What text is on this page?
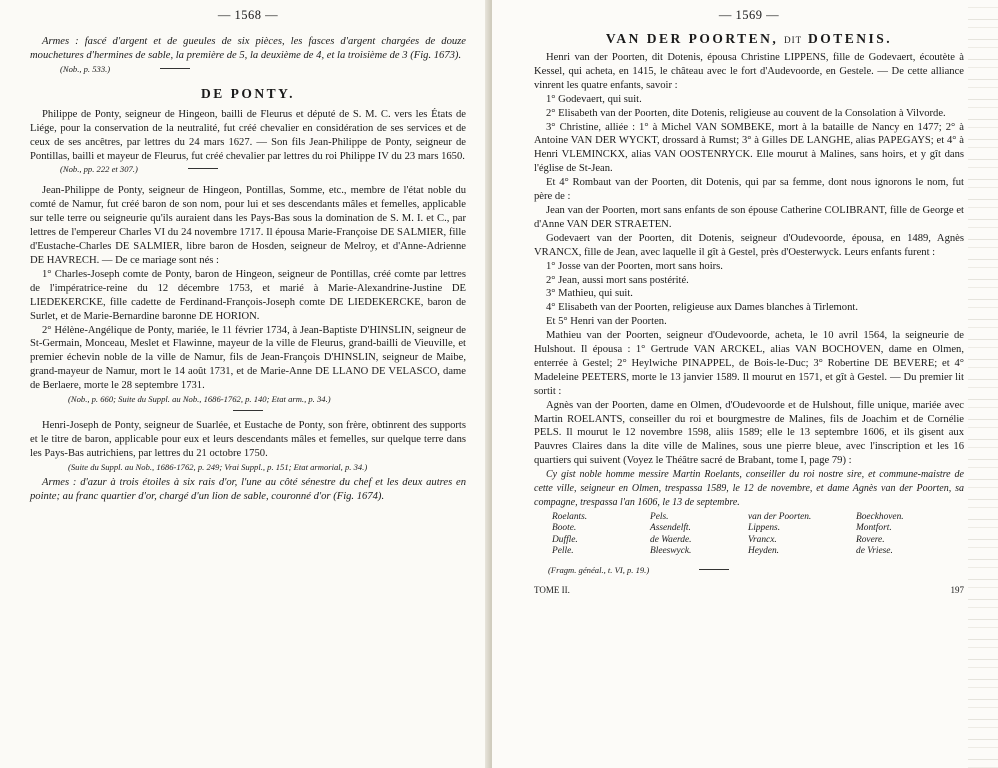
— 1568 —

Armes : fascé d'argent et de gueules de six pièces, les fasces d'argent chargées de douze mouchetures d'hermines de sable, la première de 5, la deuxième de 4, et la troisième de 3 (Fig. 1673).

(Nob., p. 533.)
DE PONTY.

Philippe de Ponty, seigneur de Hingeon, bailli de Fleurus et député de S. M. C. vers les États de Liége, pour la conservation de la neutralité, fut créé chevalier en considération de ses services et de ceux de ses ancêtres, par lettres du 24 mars 1627. — Son fils Jean-Philippe de Ponty, seigneur de Pontillas, bailli et mayeur de Fleurus, fut créé chevalier par lettres du roi Philippe IV du 23 mars 1650.

(Nob., pp. 222 et 307.)

Jean-Philippe de Ponty, seigneur de Hingeon, Pontillas, Somme, etc., membre de l'état noble du comté de Namur, fut créé baron de son nom, pour lui et ses descendants mâles et femelles, applicable sur telle terre ou seigneurie qu'ils auraient dans les Pays-Bas sous la domination de S. M. I. et C., par lettres de l'empereur Charles VI du 24 novembre 1717. Il épousa Marie-Françoise DE SALMIER, fille d'Eustache-Charles DE SALMIER, libre baron de Hosden, seigneur de Melroy, et d'Anne-Adrienne DE HAVRECH. — De ce mariage sont nés :

1° Charles-Joseph comte de Ponty, baron de Hingeon, seigneur de Pontillas, créé comte par lettres de l'impératrice-reine du 12 décembre 1753, et marié à Marie-Alexandrine-Justine DE LIEDEKERCKE, fille cadette de Ferdinand-François-Joseph comte DE LIEDEKERCKE, baron de Surlet, et de Marie-Bernardine baronne DE HORION.

2° Hélène-Angélique de Ponty, mariée, le 11 février 1734, à Jean-Baptiste D'HINSLIN, seigneur de St-Germain, Monceau, Meslet et Flawinne, mayeur de la ville de Fleurus, grand-bailli de Vieuville, et premier échevin noble de la ville de Namur, fils de Jean-François D'HINSLIN, seigneur de Maibe, grand-mayeur de Namur, mort le 14 août 1731, et de Marie-Anne DE LLANO DE VELASCO, dame de Berlaere, morte le 28 septembre 1731.

(Nob., p. 660; Suite du Suppl. au Nob., 1686-1762, p. 140; Etat arm., p. 34.)

Henri-Joseph de Ponty, seigneur de Suarlée, et Eustache de Ponty, son frère, obtinrent des supports et le titre de baron, applicable pour eux et leurs descendants mâles et femelles, sur quelque terre dans les Pays-Bas autrichiens, par lettres du 21 octobre 1750.

(Suite du Suppl. au Nob., 1686-1762, p. 249; Vrai Suppl., p. 151; Etat armorial, p. 34.)

Armes : d'azur à trois étoiles à six rais d'or, l'une au côté sénestre du chef et les deux autres en pointe; au franc quartier d'or, chargé d'un lion de sable, couronné d'or (Fig. 1674).

— 1569 —
VAN DER POORTEN, DIT DOTENIS.

Henri van der Poorten, dit Dotenis, épousa Christine LIPPENS, fille de Godevaert, écoutète à Kessel, qui acheta, en 1415, le château avec le fort d'Audevoorde, en Gestele. — De cette alliance vinrent les quatre enfants, savoir :

1° Godevaert, qui suit.

2° Elisabeth van der Poorten, dite Dotenis, religieuse au couvent de la Consolation à Vilvorde.

3° Christine, alliée : 1° à Michel VAN SOMBEKE, mort à la bataille de Nancy en 1477; 2° à Antoine VAN DER WYCKT, drossard à Rumst; 3° à Gilles DE LANGHE, alias PAPEGAYS; et 4° à Henri VLEMINCKX, alias VAN OOSTENRYCK. Elle mourut à Malines, sans hoirs, et y gît dans l'église de St-Jean.

Et 4° Rombaut van der Poorten, dit Dotenis, qui par sa femme, dont nous ignorons le nom, fut père de :

Jean van der Poorten, mort sans enfants de son épouse Catherine COLIBRANT, fille de George et d'Anne VAN DER STRAETEN.

Godevaert van der Poorten, dit Dotenis, seigneur d'Oudevoorde, épousa, en 1489, Agnès VRANCX, fille de Jean, avec laquelle il gît à Gestel, près d'Oesterwyck. Leurs enfants furent :

1° Josse van der Poorten, mort sans hoirs.

2° Jean, aussi mort sans postérité.

3° Mathieu, qui suit.

4° Elisabeth van der Poorten, religieuse aux Dames blanches à Tirlemont.

Et 5° Henri van der Poorten.

Mathieu van der Poorten, seigneur d'Oudevoorde, acheta, le 10 avril 1564, la seigneurie de Hulshout. Il épousa : 1° Gertrude VAN ARCKEL, alias VAN BOCHOVEN, dame en Olmen, enterrée à Gestel; 2° Heylwiche PINAPPEL, de Bois-le-Duc; 3° Robertine DE BEVERE; et 4° Madeleine PEETERS, morte le 13 janvier 1589. Il mourut en 1571, et gît à Gestel. — Du premier lit sortit :

Agnès van der Poorten, dame en Olmen, d'Oudevoorde et de Hulshout, fille unique, mariée avec Martin ROELANTS, conseiller du roi et bourgmestre de Malines, fils de Joachim et de Cornélie PELS. Il mourut le 12 novembre 1598, aliis 1589; elle le 13 septembre 1606, et ils gisent aux Pauvres Claires dans la dite ville de Malines, sous une pierre bleue, avec l'inscription et les 16 quartiers qui suivent (Voyez le Théâtre sacré de Brabant, tome I, page 79) :

Cy gist noble homme messire Martin Roelants, conseiller du roi nostre sire, et commune-maistre de cette ville, seigneur en Olmen, trespassa 1589, le 12 de novembre, et dame Agnès van der Poorten, sa compagne, trespassa l'an 1606, le 13 de septembre.

Roelants.	Pels.	van der Poorten.	Boeckhoven.
Boote.	Assendelft.	Lippens.	Montfort.
Duffle.	de Waerde.	Vrancx.	Rovere.
Pelle.	Bleeswyck.	Heyden.	de Vriese.
(Fragm. généal., t. VI, p. 19.)
TOME II.	197
